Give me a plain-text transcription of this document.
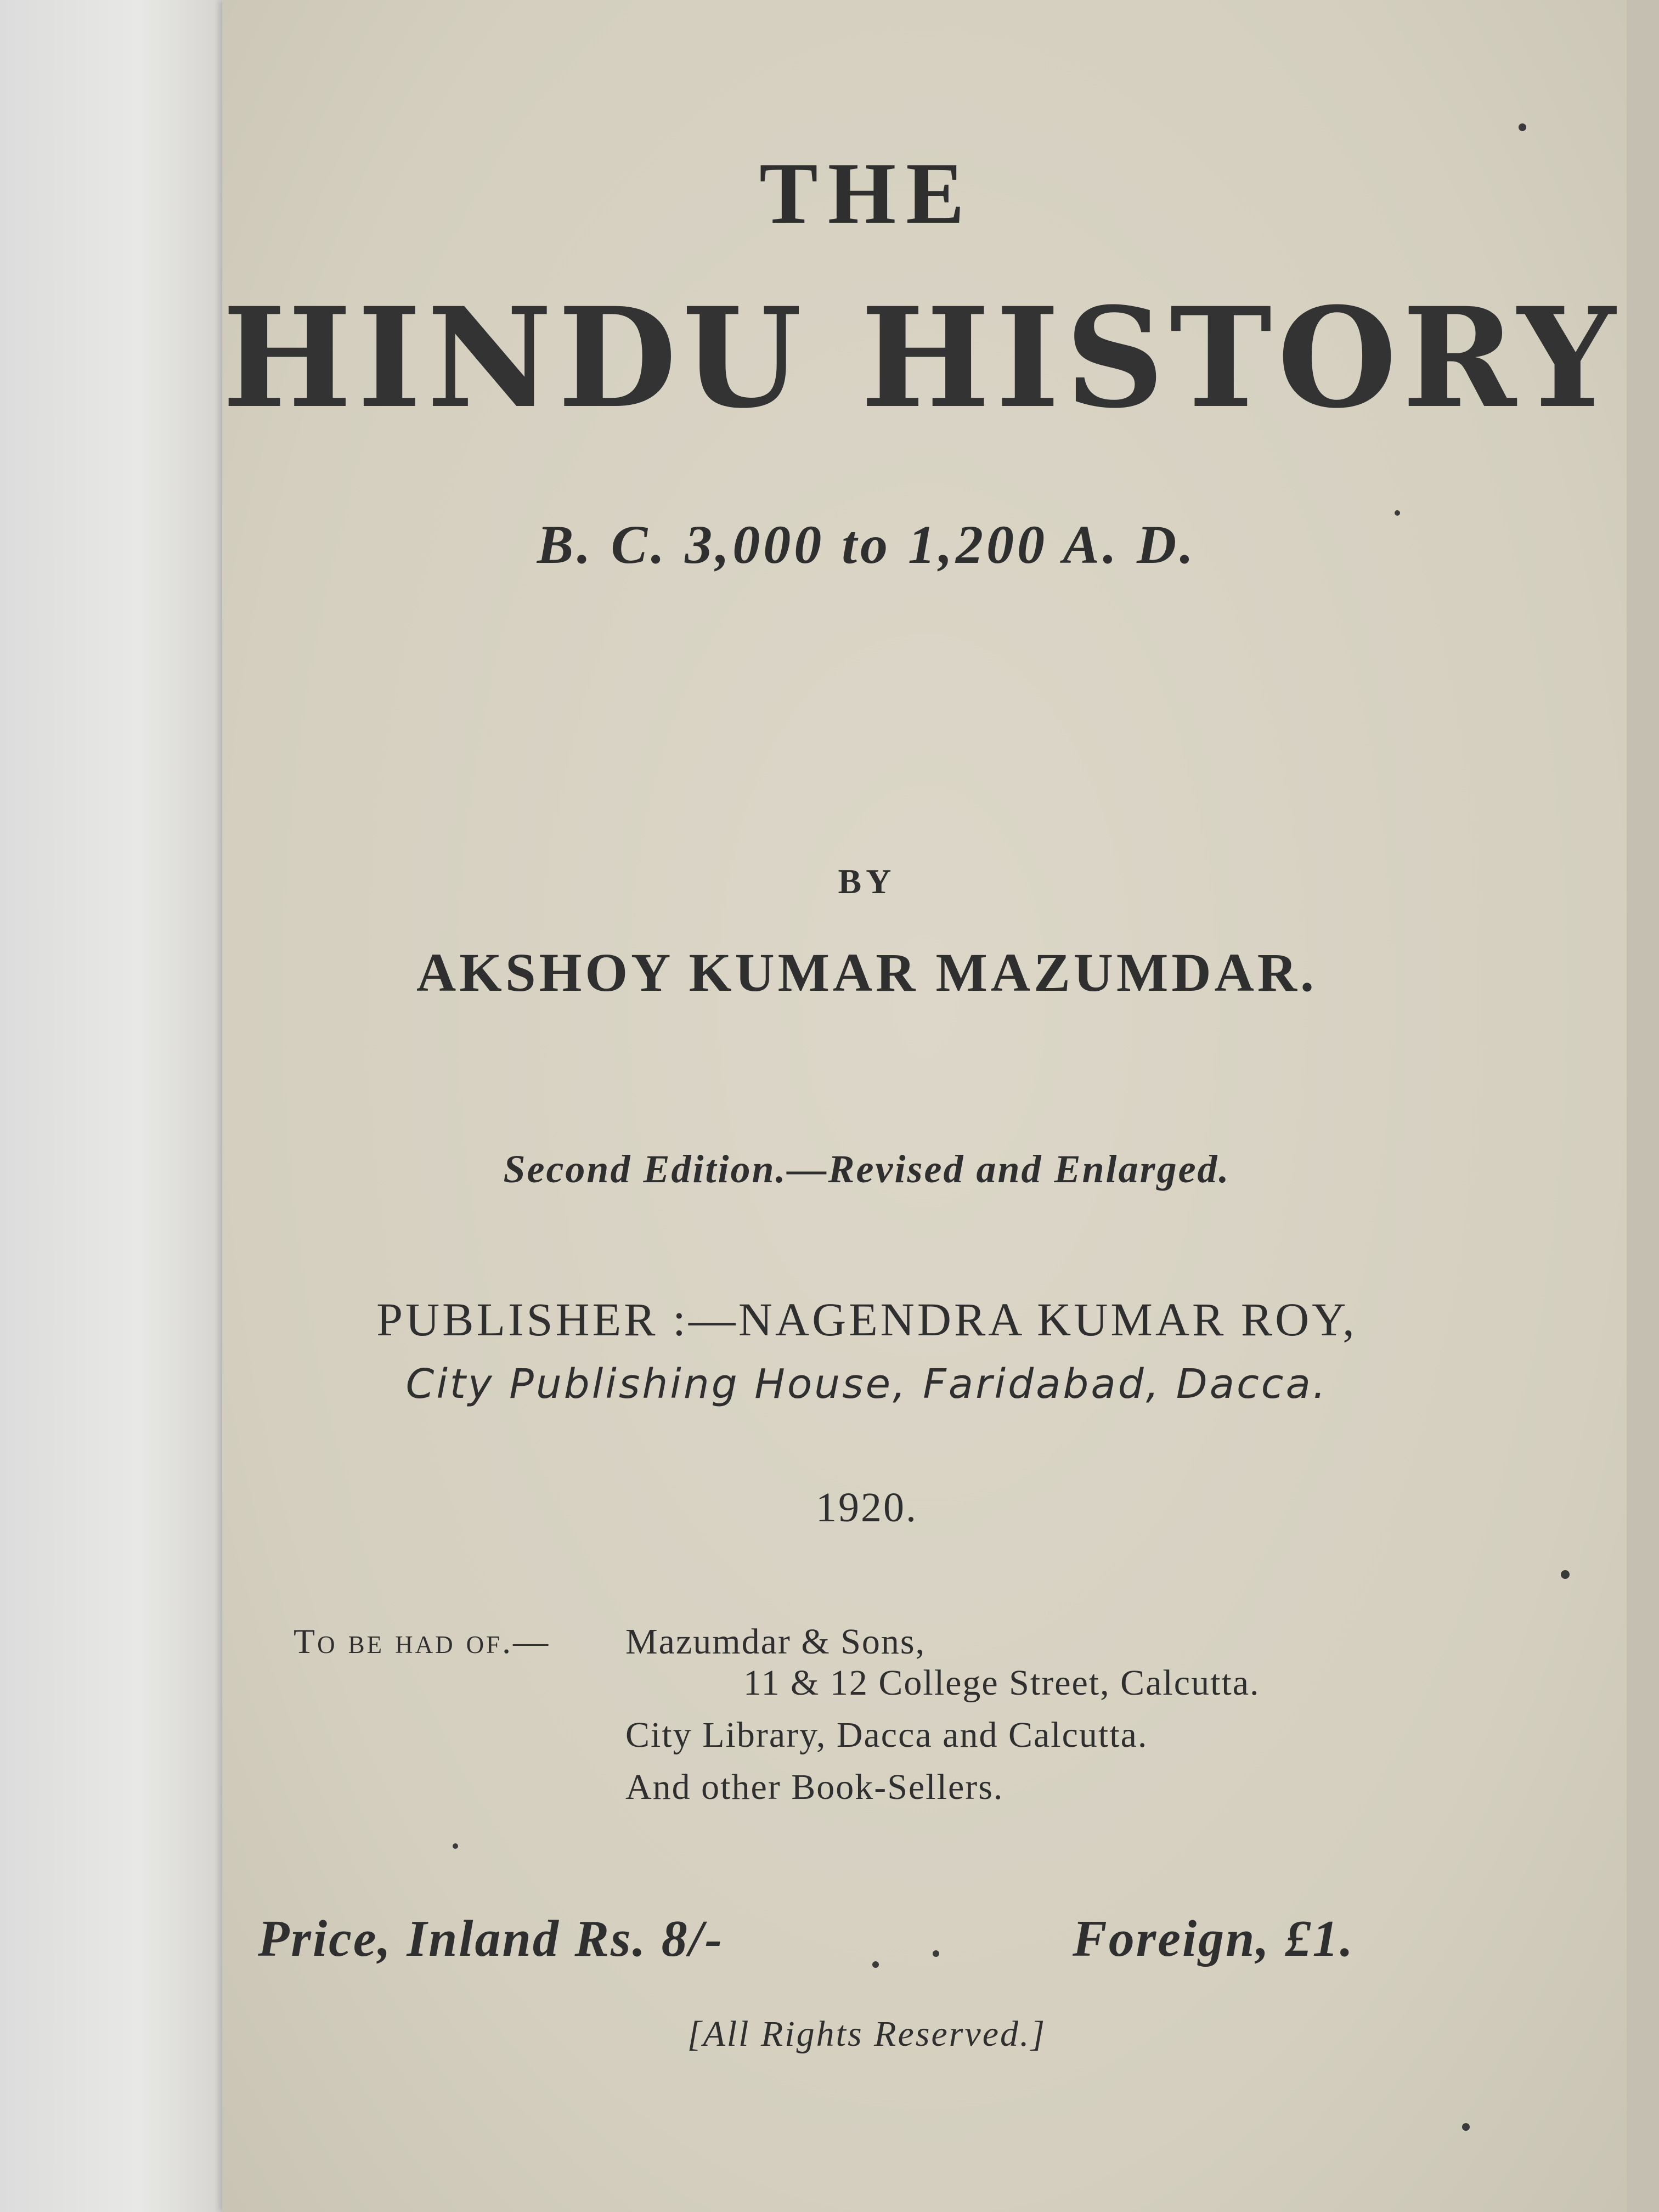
THE
HINDU HISTORY
B. C. 3,000 to 1,200 A. D.
BY
AKSHOY KUMAR MAZUMDAR.
Second Edition.—Revised and Enlarged.
PUBLISHER :—NAGENDRA KUMAR ROY,
City Publishing House, Faridabad, Dacca.
1920.
To be had of.— Mazumdar & Sons,
11 & 12 College Street, Calcutta.
City Library, Dacca and Calcutta.
And other Book-Sellers.
Price, Inland Rs. 8/-	Foreign, £1.
[All Rights Reserved.]
